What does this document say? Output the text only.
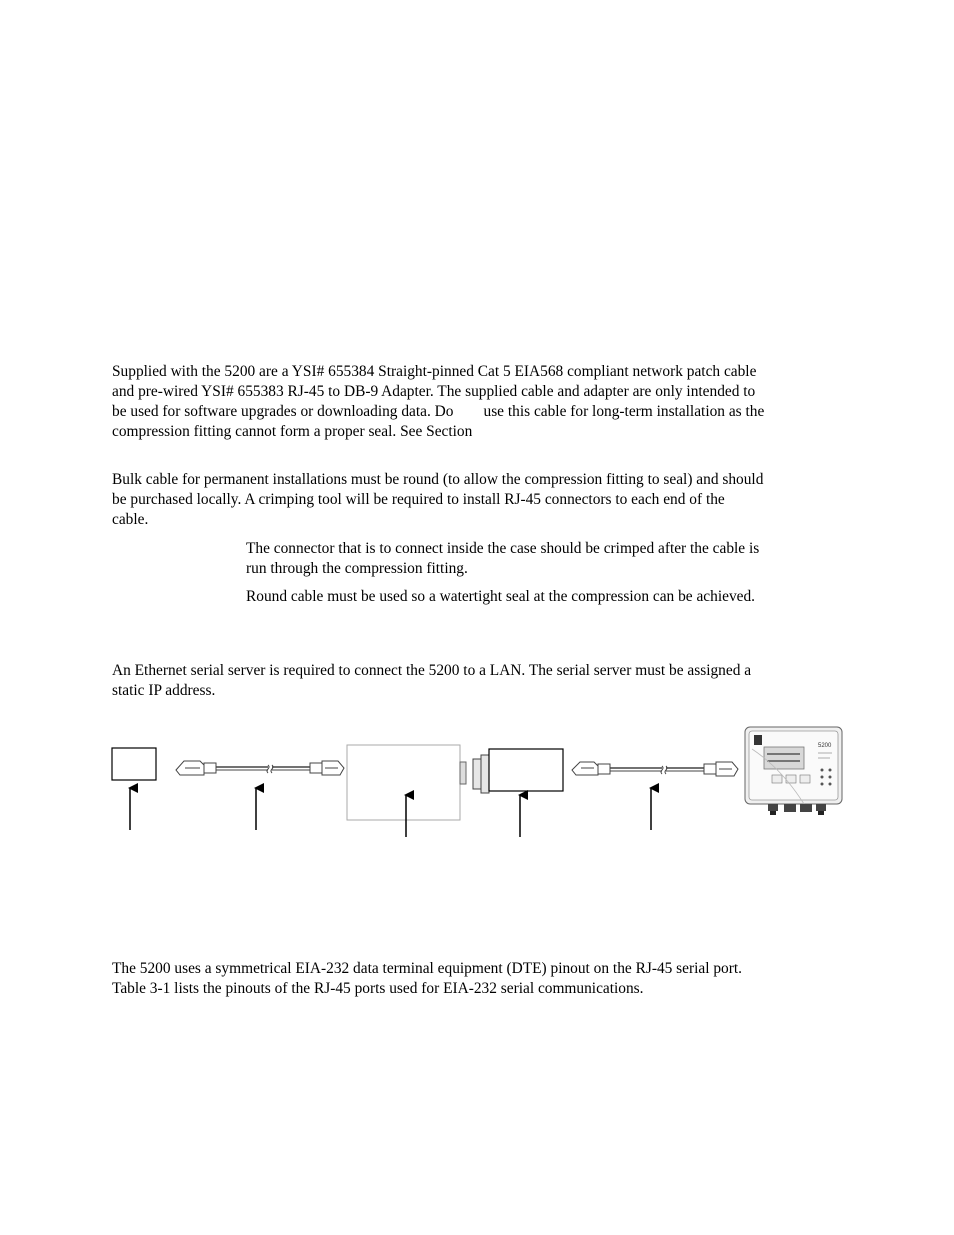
Supplied with the 5200 are a YSI# 655384 Straight-pinned Cat 5 EIA568 compliant network patch cable
and pre-wired YSI# 655383 RJ-45 to DB-9 Adapter. The supplied cable and adapter are only intended to
be used for software upgrades or downloading data. Do use this cable for long-term installation as the
compression fitting cannot form a proper seal. See Section

Bulk cable for permanent installations must be round (to allow the compression fitting to seal) and should
be purchased locally. A crimping tool will be required to install RJ-45 connectors to each end of the
cable.

The connector that is to connect inside the case should be crimped after the cable is
run through the compression fitting.

Round cable must be used so a watertight seal at the compression can be achieved.

An Ethernet serial server is required to connect the 5200 to a LAN. The serial server must be assigned a
static IP address.

5200

The 5200 uses a symmetrical EIA-232 data terminal equipment (DTE) pinout on the RJ-45 serial port.
Table 3-1 lists the pinouts of the RJ-45 ports used for EIA-232 serial communications.
